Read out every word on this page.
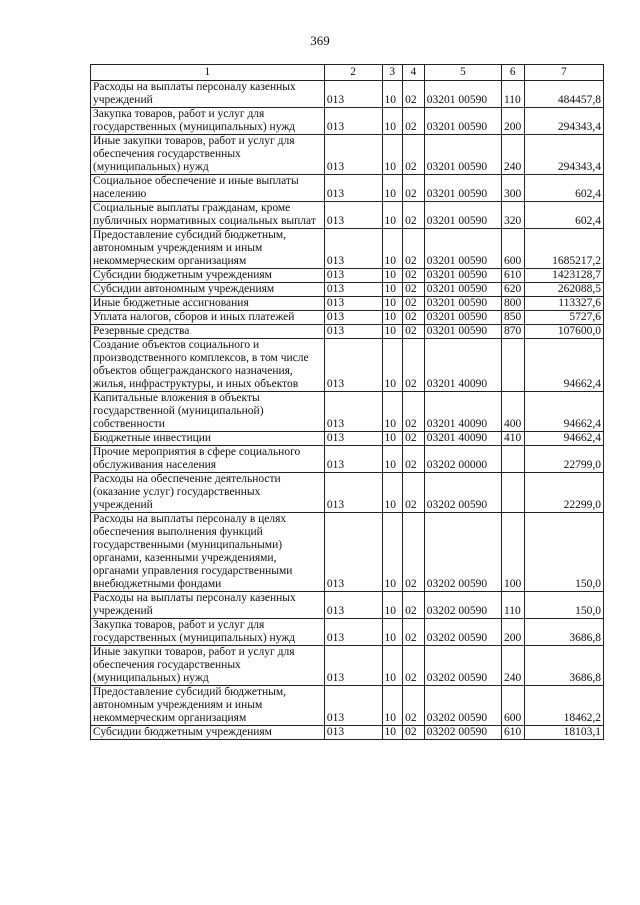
369
1	2	3	4	5	6	7
Расходы на выплаты персоналу казенных учреждений	013	10	02	03201 00590	110	484457,8
Закупка товаров, работ и услуг для государственных (муниципальных) нужд	013	10	02	03201 00590	200	294343,4
Иные закупки товаров, работ и услуг для обеспечения государственных (муниципальных) нужд	013	10	02	03201 00590	240	294343,4
Социальное обеспечение и иные выплаты населению	013	10	02	03201 00590	300	602,4
Социальные выплаты гражданам, кроме публичных нормативных социальных выплат	013	10	02	03201 00590	320	602,4
Предоставление субсидий бюджетным, автономным учреждениям и иным некоммерческим организациям	013	10	02	03201 00590	600	1685217,2
Субсидии бюджетным учреждениям	013	10	02	03201 00590	610	1423128,7
Субсидии автономным учреждениям	013	10	02	03201 00590	620	262088,5
Иные бюджетные ассигнования	013	10	02	03201 00590	800	113327,6
Уплата налогов, сборов и иных платежей	013	10	02	03201 00590	850	5727,6
Резервные средства	013	10	02	03201 00590	870	107600,0
Создание объектов социального и производственного комплексов, в том числе объектов общегражданского назначения, жилья, инфраструктуры, и иных объектов	013	10	02	03201 40090		94662,4
Капитальные вложения в объекты государственной (муниципальной) собственности	013	10	02	03201 40090	400	94662,4
Бюджетные инвестиции	013	10	02	03201 40090	410	94662,4
Прочие мероприятия в сфере социального обслуживания населения	013	10	02	03202 00000		22799,0
Расходы на обеспечение деятельности (оказание услуг) государственных учреждений	013	10	02	03202 00590		22299,0
Расходы на выплаты персоналу в целях обеспечения выполнения функций государственными (муниципальными) органами, казенными учреждениями, органами управления государственными внебюджетными фондами	013	10	02	03202 00590	100	150,0
Расходы на выплаты персоналу казенных учреждений	013	10	02	03202 00590	110	150,0
Закупка товаров, работ и услуг для государственных (муниципальных) нужд	013	10	02	03202 00590	200	3686,8
Иные закупки товаров, работ и услуг для обеспечения государственных (муниципальных) нужд	013	10	02	03202 00590	240	3686,8
Предоставление субсидий бюджетным, автономным учреждениям и иным некоммерческим организациям	013	10	02	03202 00590	600	18462,2
Субсидии бюджетным учреждениям	013	10	02	03202 00590	610	18103,1
